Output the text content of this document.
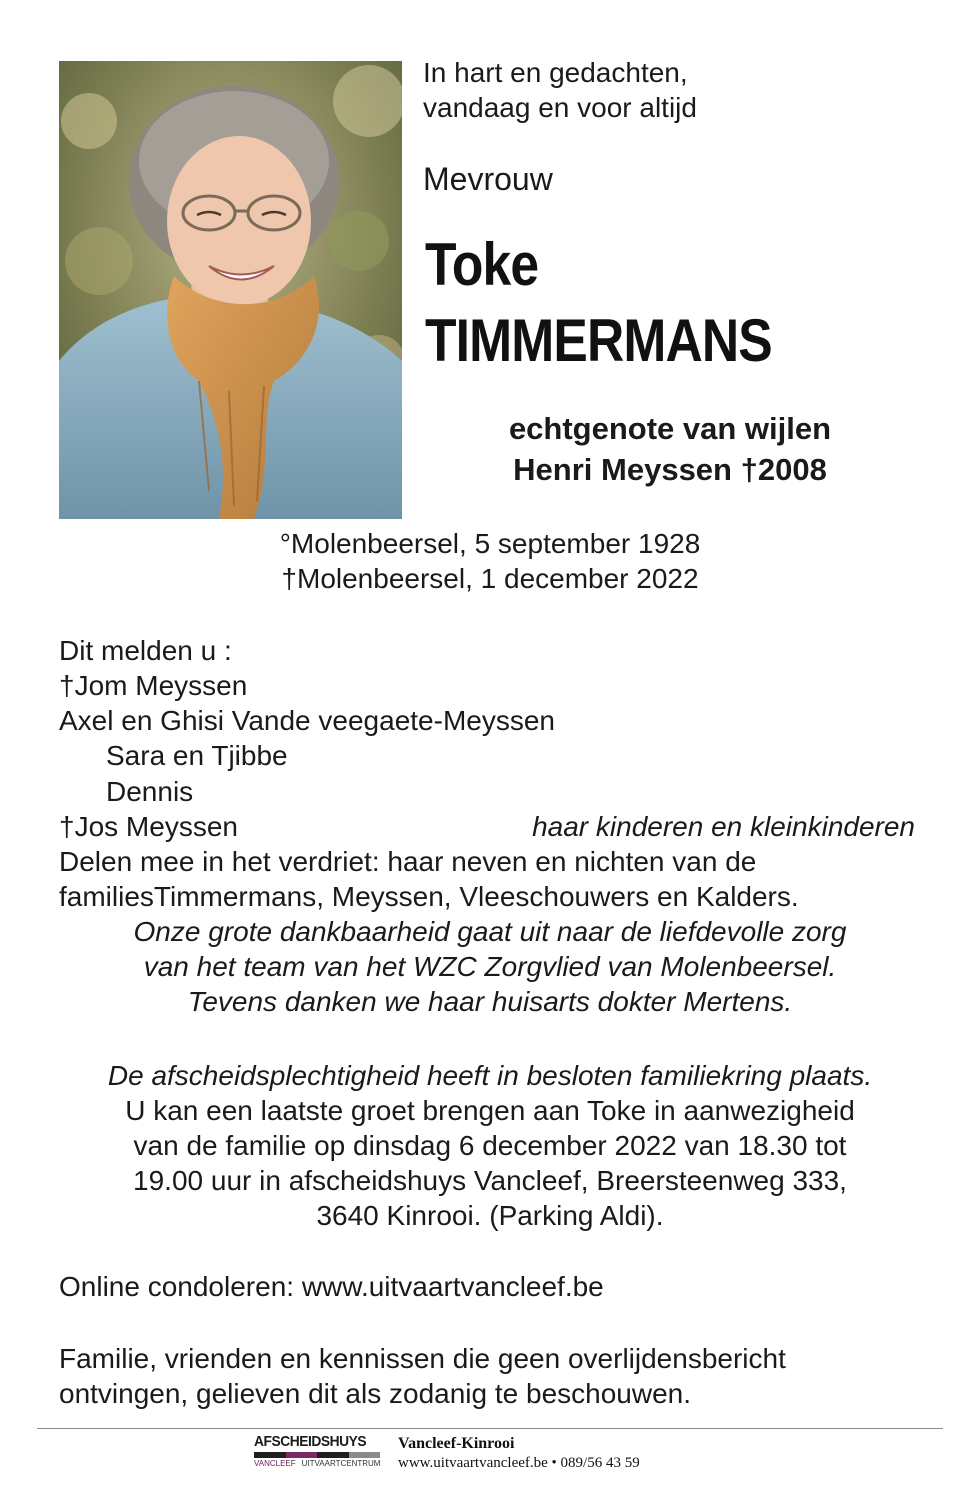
In hart en gedachten,
vandaag en voor altijd
Mevrouw
Toke
TIMMERMANS
echtgenote van wijlen
Henri Meyssen †2008
°Molenbeersel, 5 september 1928
†Molenbeersel, 1 december 2022
Dit melden u :
†Jom Meyssen
Axel en Ghisi Vande veegaete-Meyssen
Sara en Tjibbe
Dennis
†Jos Meyssen	haar kinderen en kleinkinderen
Delen mee in het verdriet: haar neven en nichten van de
familiesTimmermans, Meyssen, Vleeschouwers en Kalders.
Onze grote dankbaarheid gaat uit naar de liefdevolle zorg
van het team van het WZC Zorgvlied van Molenbeersel.
Tevens danken we haar huisarts dokter Mertens.
De afscheidsplechtigheid heeft in besloten familiekring plaats.
U kan een laatste groet brengen aan Toke in aanwezigheid
van de familie op dinsdag 6 december 2022 van 18.30 tot
19.00 uur in afscheidshuys Vancleef, Breersteenweg 333,
3640 Kinrooi. (Parking Aldi).
Online condoleren: www.uitvaartvancleef.be
Familie, vrienden en kennissen die geen overlijdensbericht
ontvingen, gelieven dit als zodanig te beschouwen.
AFSCHEIDSHUYS
VANCLEEF UITVAARTCENTRUM
Vancleef-Kinrooi
www.uitvaartvancleef.be • 089/56 43 59
